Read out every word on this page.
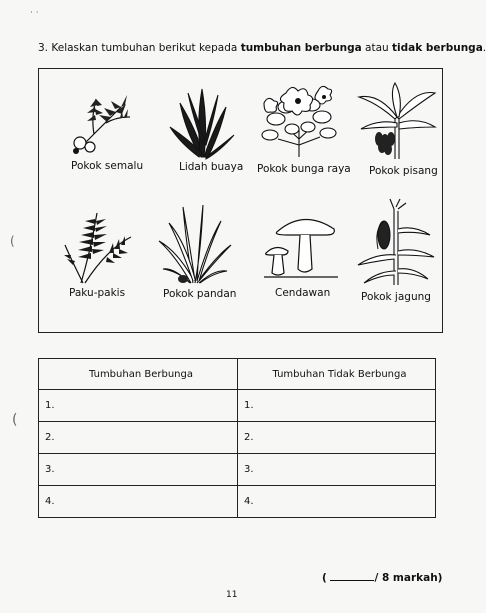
· ·
(
(
3. Kelaskan tumbuhan berikut kepada tumbuhan berbunga atau tidak berbunga.
Pokok semalu	Lidah buaya Pokok bunga raya Pokok pisang
Paku-pakis	Pokok pandan	Cendawan	Pokok jagung
Tumbuhan Berbunga	Tumbuhan Tidak Berbunga
1.	1.
2.	2.
3.	3.
4.	4.
(	/ 8 markah)
11
